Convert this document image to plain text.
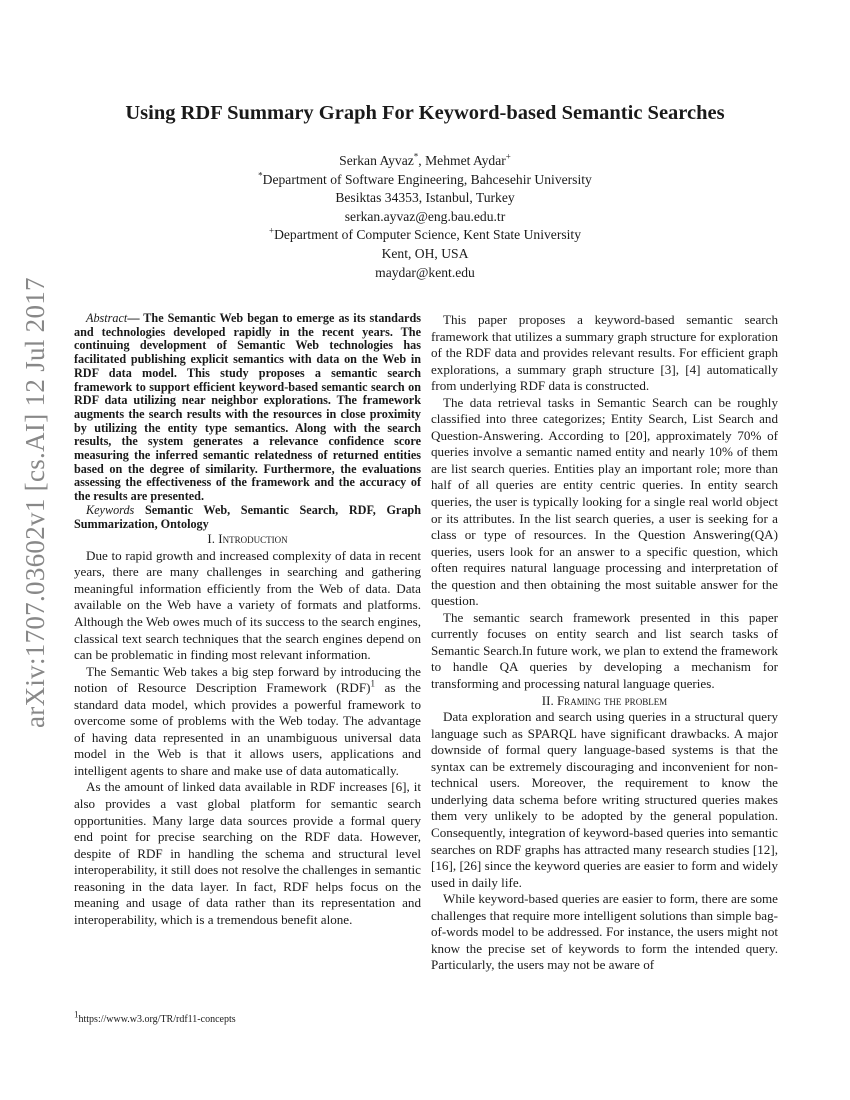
arXiv:1707.03602v1 [cs.AI] 12 Jul 2017
Using RDF Summary Graph For Keyword-based Semantic Searches
Serkan Ayvaz*, Mehmet Aydar+
*Department of Software Engineering, Bahcesehir University
Besiktas 34353, Istanbul, Turkey
serkan.ayvaz@eng.bau.edu.tr
+Department of Computer Science, Kent State University
Kent, OH, USA
maydar@kent.edu

Abstract— The Semantic Web began to emerge as its standards and technologies developed rapidly in the recent years. The continuing development of Semantic Web technologies has facilitated publishing explicit semantics with data on the Web in RDF data model. This study proposes a semantic search framework to support efficient keyword-based semantic search on RDF data utilizing near neighbor explorations. The framework augments the search results with the resources in close proximity by utilizing the entity type semantics. Along with the search results, the system generates a relevance confidence score measuring the inferred semantic relatedness of returned entities based on the degree of similarity. Furthermore, the evaluations assessing the effectiveness of the framework and the accuracy of the results are presented.

Keywords Semantic Web, Semantic Search, RDF, Graph Summarization, Ontology

I. Introduction

Due to rapid growth and increased complexity of data in recent years, there are many challenges in searching and gathering meaningful information efficiently from the Web of data. Data available on the Web have a variety of formats and platforms. Although the Web owes much of its success to the search engines, classical text search techniques that the search engines depend on can be problematic in finding most relevant information.

The Semantic Web takes a big step forward by introducing the notion of Resource Description Framework (RDF)$^1$ as the standard data model, which provides a powerful framework to overcome some of problems with the Web today. The advantage of having data represented in an unambiguous universal data model in the Web is that it allows users, applications and intelligent agents to share and make use of data automatically.

As the amount of linked data available in RDF increases [6], it also provides a vast global platform for semantic search opportunities. Many large data sources provide a formal query end point for precise searching on the RDF data. However, despite of RDF in handling the schema and structural level interoperability, it still does not resolve the challenges in semantic reasoning in the data layer. In fact, RDF helps focus on the meaning and usage of data rather than its representation and interoperability, which is a tremendous benefit alone.

$^1$https://www.w3.org/TR/rdf11-concepts

This paper proposes a keyword-based semantic search framework that utilizes a summary graph structure for exploration of the RDF data and provides relevant results. For efficient graph explorations, a summary graph structure [3], [4] automatically from underlying RDF data is constructed.

The data retrieval tasks in Semantic Search can be roughly classified into three categorizes; Entity Search, List Search and Question-Answering. According to [20], approximately 70% of queries involve a semantic named entity and nearly 10% of them are list search queries. Entities play an important role; more than half of all queries are entity centric queries. In entity search queries, the user is typically looking for a single real world object or its attributes. In the list search queries, a user is seeking for a class or type of resources. In the Question Answering(QA) queries, users look for an answer to a specific question, which often requires natural language processing and interpretation of the question and then obtaining the most suitable answer for the question.

The semantic search framework presented in this paper currently focuses on entity search and list search tasks of Semantic Search.In future work, we plan to extend the framework to handle QA queries by developing a mechanism for transforming and processing natural language queries.

II. Framing the problem

Data exploration and search using queries in a structural query language such as SPARQL have significant drawbacks. A major downside of formal query language-based systems is that the syntax can be extremely discouraging and inconvenient for non-technical users. Moreover, the requirement to know the underlying data schema before writing structured queries makes them very unlikely to be adopted by the general population. Consequently, integration of keyword-based queries into semantic searches on RDF graphs has attracted many research studies [12], [16], [26] since the keyword queries are easier to form and widely used in daily life.

While keyword-based queries are easier to form, there are some challenges that require more intelligent solutions than simple bag-of-words model to be addressed. For instance, the users might not know the precise set of keywords to form the intended query. Particularly, the users may not be aware of
